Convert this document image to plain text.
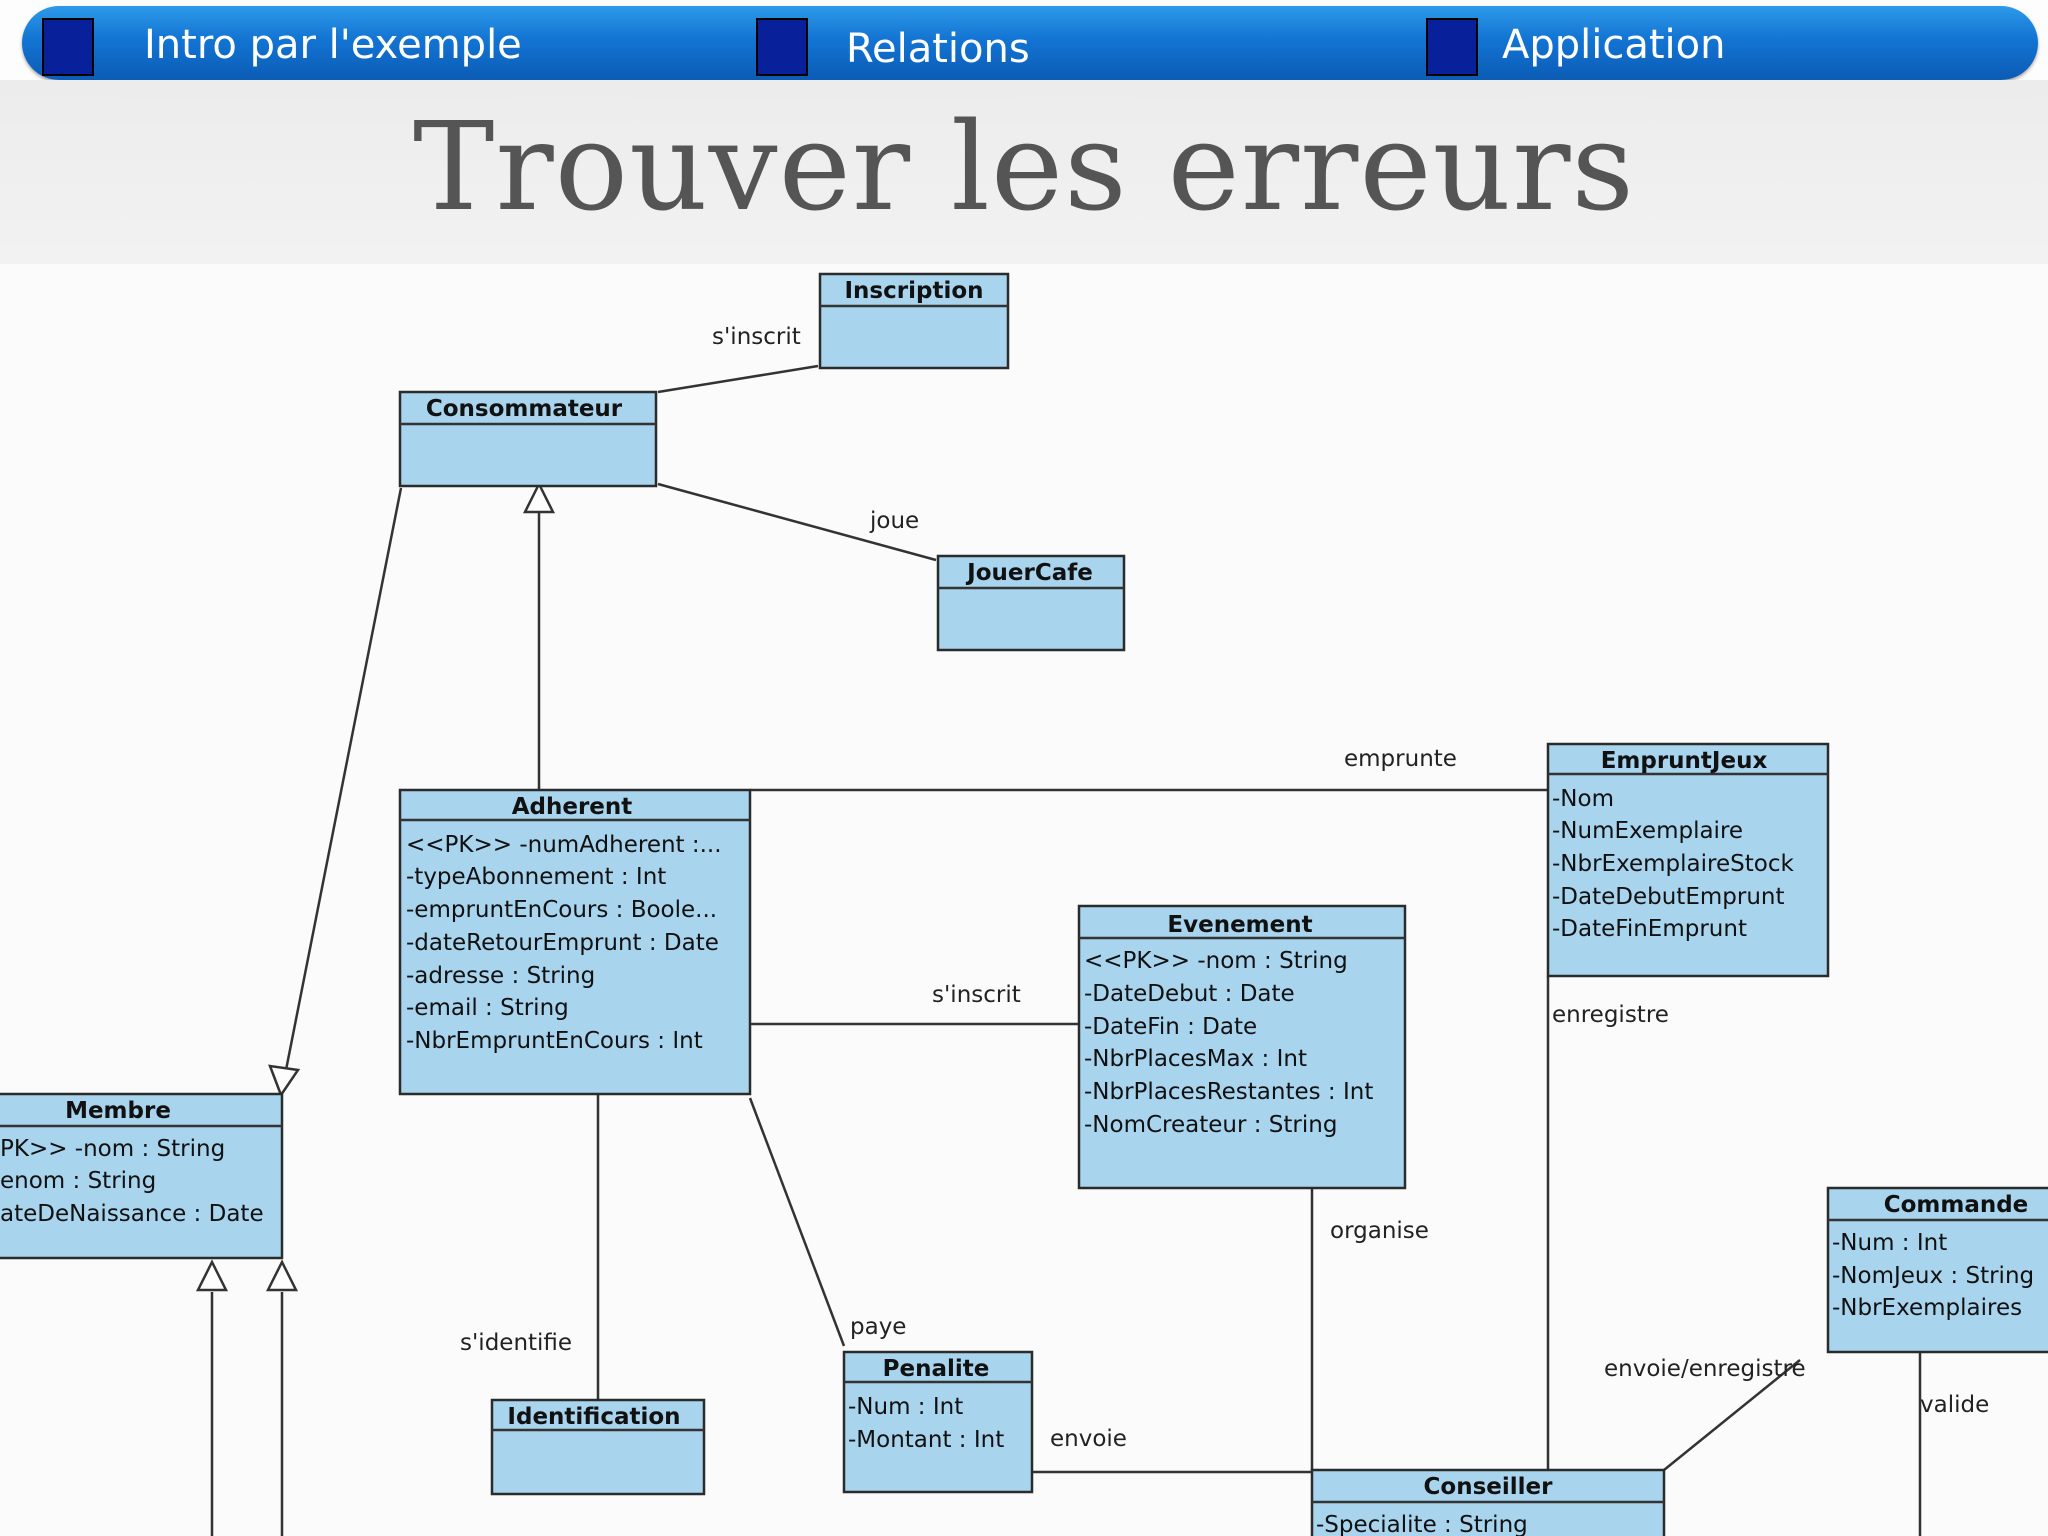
Intro par l'exemple	Relations	Application
Trouver les erreurs
s'inscrit
joue
emprunte
s'inscrit
enregistre
organise
s'identifie
paye
envoie
envoie/enregistre
valide
Inscription
Consommateur
JouerCafe
Adherent
<<PK>> -numAdherent :...
-typeAbonnement : Int
-empruntEnCours : Boole...
-dateRetourEmprunt : Date
-adresse : String
-email : String
-NbrEmpruntEnCours : Int
EmpruntJeux
-Nom
-NumExemplaire
-NbrExemplaireStock
-DateDebutEmprunt
-DateFinEmprunt
Evenement
<<PK>> -nom : String
-DateDebut : Date
-DateFin : Date
-NbrPlacesMax : Int
-NbrPlacesRestantes : Int
-NomCreateur : String
Membre
PK>> -nom : String
enom : String
ateDeNaissance : Date	Commande
-Num : Int
-NomJeux : String
-NbrExemplaires
Identification
Penalite
-Num : Int
-Montant : Int
Conseiller
-Specialite : String
